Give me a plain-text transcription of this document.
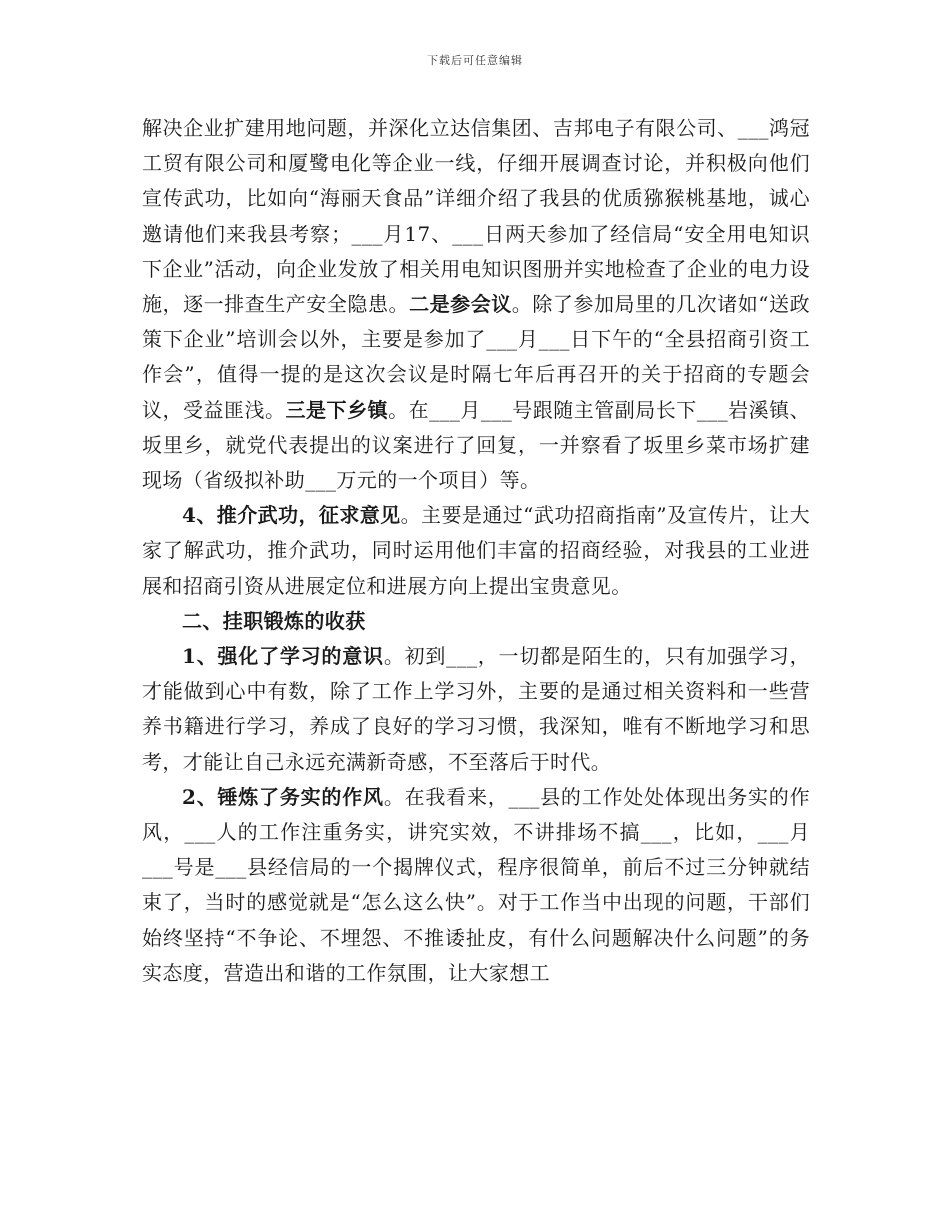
下载后可任意编辑

解决企业扩建用地问题，并深化立达信集团、吉邦电子有限公司、___鸿冠工贸有限公司和厦鹭电化等企业一线，仔细开展调查讨论，并积极向他们宣传武功，比如向“海丽天食品”详细介绍了我县的优质猕猴桃基地，诚心邀请他们来我县考察；___月17、___日两天参加了经信局“安全用电知识下企业”活动，向企业发放了相关用电知识图册并实地检查了企业的电力设施，逐一排查生产安全隐患。二是参会议。除了参加局里的几次诸如“送政策下企业”培训会以外，主要是参加了___月___日下午的“全县招商引资工作会”，值得一提的是这次会议是时隔七年后再召开的关于招商的专题会议，受益匪浅。三是下乡镇。在___月___号跟随主管副局长下___岩溪镇、坂里乡，就党代表提出的议案进行了回复，一并察看了坂里乡菜市场扩建现场（省级拟补助___万元的一个项目）等。

4、推介武功，征求意见。主要是通过“武功招商指南”及宣传片，让大家了解武功，推介武功，同时运用他们丰富的招商经验，对我县的工业进展和招商引资从进展定位和进展方向上提出宝贵意见。

二、挂职锻炼的收获

1、强化了学习的意识。初到___，一切都是陌生的，只有加强学习，才能做到心中有数，除了工作上学习外，主要的是通过相关资料和一些营养书籍进行学习，养成了良好的学习习惯，我深知，唯有不断地学习和思考，才能让自己永远充满新奇感，不至落后于时代。

2、锤炼了务实的作风。在我看来，___县的工作处处体现出务实的作风，___人的工作注重务实，讲究实效，不讲排场不搞___，比如，___月___号是___县经信局的一个揭牌仪式，程序很简单，前后不过三分钟就结束了，当时的感觉就是“怎么这么快”。对于工作当中出现的问题，干部们始终坚持“不争论、不埋怨、不推诿扯皮，有什么问题解决什么问题”的务实态度，营造出和谐的工作氛围，让大家想工
